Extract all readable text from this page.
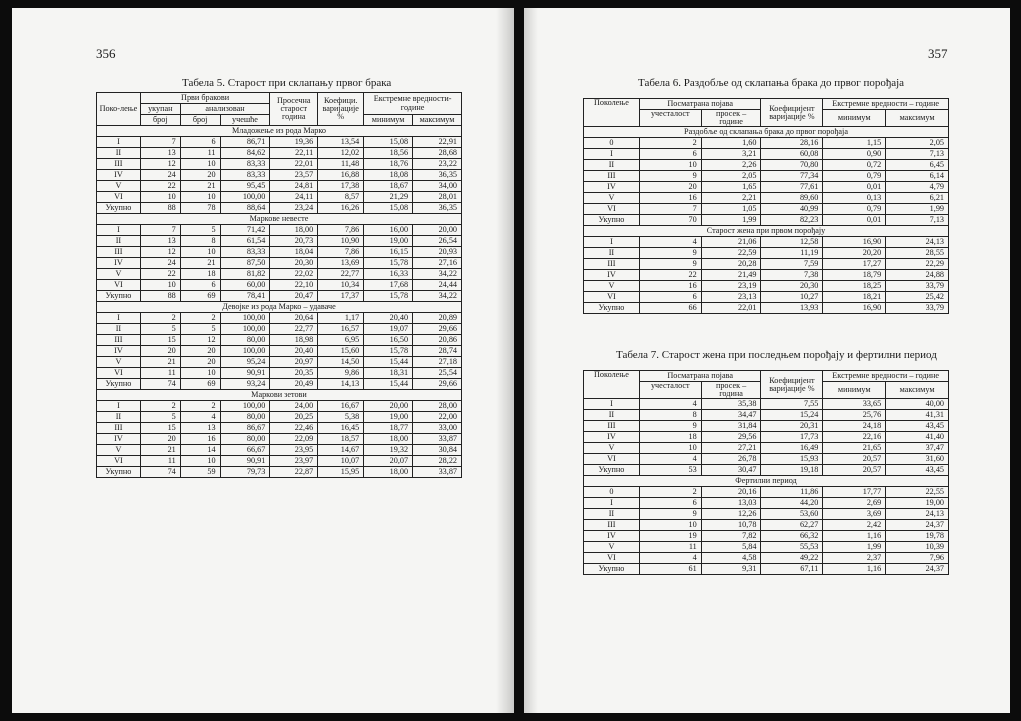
356
Табела 5. Старост при склапању првог брака
Поко-лење	Први бракови			Просечна старост година	Коефици. варијације %	Екстремне вредности-године	
	укупан	анализован					
	број	број	учешће			минимум	максимум
Младожење из рода Марко							
I	7	6	86,71	19,36	13,54	15,08	22,91
II	13	11	84,62	22,11	12,02	18,56	28,68
III	12	10	83,33	22,01	11,48	18,76	23,22
IV	24	20	83,33	23,57	16,88	18,08	36,35
V	22	21	95,45	24,81	17,38	18,67	34,00
VI	10	10	100,00	24,11	8,57	21,29	28,01
Укупно	88	78	88,64	23,24	16,26	15,08	36,35
Маркове невесте							
I	7	5	71,42	18,00	7,86	16,00	20,00
II	13	8	61,54	20,73	10,90	19,00	26,54
III	12	10	83,33	18,04	7,86	16,15	20,93
IV	24	21	87,50	20,30	13,69	15,78	27,16
V	22	18	81,82	22,02	22,77	16,33	34,22
VI	10	6	60,00	22,10	10,34	17,68	24,44
Укупно	88	69	78,41	20,47	17,37	15,78	34,22
Девојке из рода Марко – удаваче							
I	2	2	100,00	20,64	1,17	20,40	20,89
II	5	5	100,00	22,77	16,57	19,07	29,66
III	15	12	80,00	18,98	6,95	16,50	20,86
IV	20	20	100,00	20,40	15,60	15,78	28,74
V	21	20	95,24	20,97	14,50	15,44	27,18
VI	11	10	90,91	20,35	9,86	18,31	25,54
Укупно	74	69	93,24	20,49	14,13	15,44	29,66
Маркови зетови							
I	2	2	100,00	24,00	16,67	20,00	28,00
II	5	4	80,00	20,25	5,38	19,00	22,00
III	15	13	86,67	22,46	16,45	18,77	33,00
IV	20	16	80,00	22,09	18,57	18,00	33,87
V	21	14	66,67	23,95	14,67	19,32	30,84
VI	11	10	90,91	23,97	10,07	20,07	28,22
Укупно	74	59	79,73	22,87	15,95	18,00	33,87
357
Табела 6. Раздобље од склапања брака до првог порођаја
Поколење	Посматрана појава		Коефицијент варијације %	Екстремне вредности – године	
	учесталост	просек – године			
				минимум	максимум
Раздобље од склапања брака до првог порођаја					
0	2	1,60	28,16	1,15	2,05
I	6	3,21	60,08	0,90	7,13
II	10	2,26	70,80	0,72	6,45
III	9	2,05	77,34	0,79	6,14
IV	20	1,65	77,61	0,01	4,79
V	16	2,21	89,60	0,13	6,21
VI	7	1,05	40,99	0,79	1,99
Укупно	70	1,99	82,23	0,01	7,13
Старост жена при првом порођају					
I	4	21,06	12,58	16,90	24,13
II	9	22,59	11,19	20,20	28,55
III	9	20,28	7,59	17,27	22,29
IV	22	21,49	7,38	18,79	24,88
V	16	23,19	20,30	18,25	33,79
VI	6	23,13	10,27	18,21	25,42
Укупно	66	22,01	13,93	16,90	33,79
Табела 7. Старост жена при последњем порођају и фертилни период
Поколење	Посматрана појава		Коефицијент варијације %	Екстремне вредности – године	
	учесталост	просек – година			
				минимум	максимум
I	4	35,38	7,55	33,65	40,00
II	8	34,47	15,24	25,76	41,31
III	9	31,84	20,31	24,18	43,45
IV	18	29,56	17,73	22,16	41,40
V	10	27,21	16,49	21,65	37,47
VI	4	26,78	15,93	20,57	31,60
Укупно	53	30,47	19,18	20,57	43,45
Фертилни период					
0	2	20,16	11,86	17,77	22,55
I	6	13,03	44,20	2,69	19,00
II	9	12,26	53,60	3,69	24,13
III	10	10,78	62,27	2,42	24,37
IV	19	7,82	66,32	1,16	19,78
V	11	5,84	55,53	1,99	10,39
VI	4	4,58	49,22	2,37	7,96
Укупно	61	9,31	67,11	1,16	24,37
